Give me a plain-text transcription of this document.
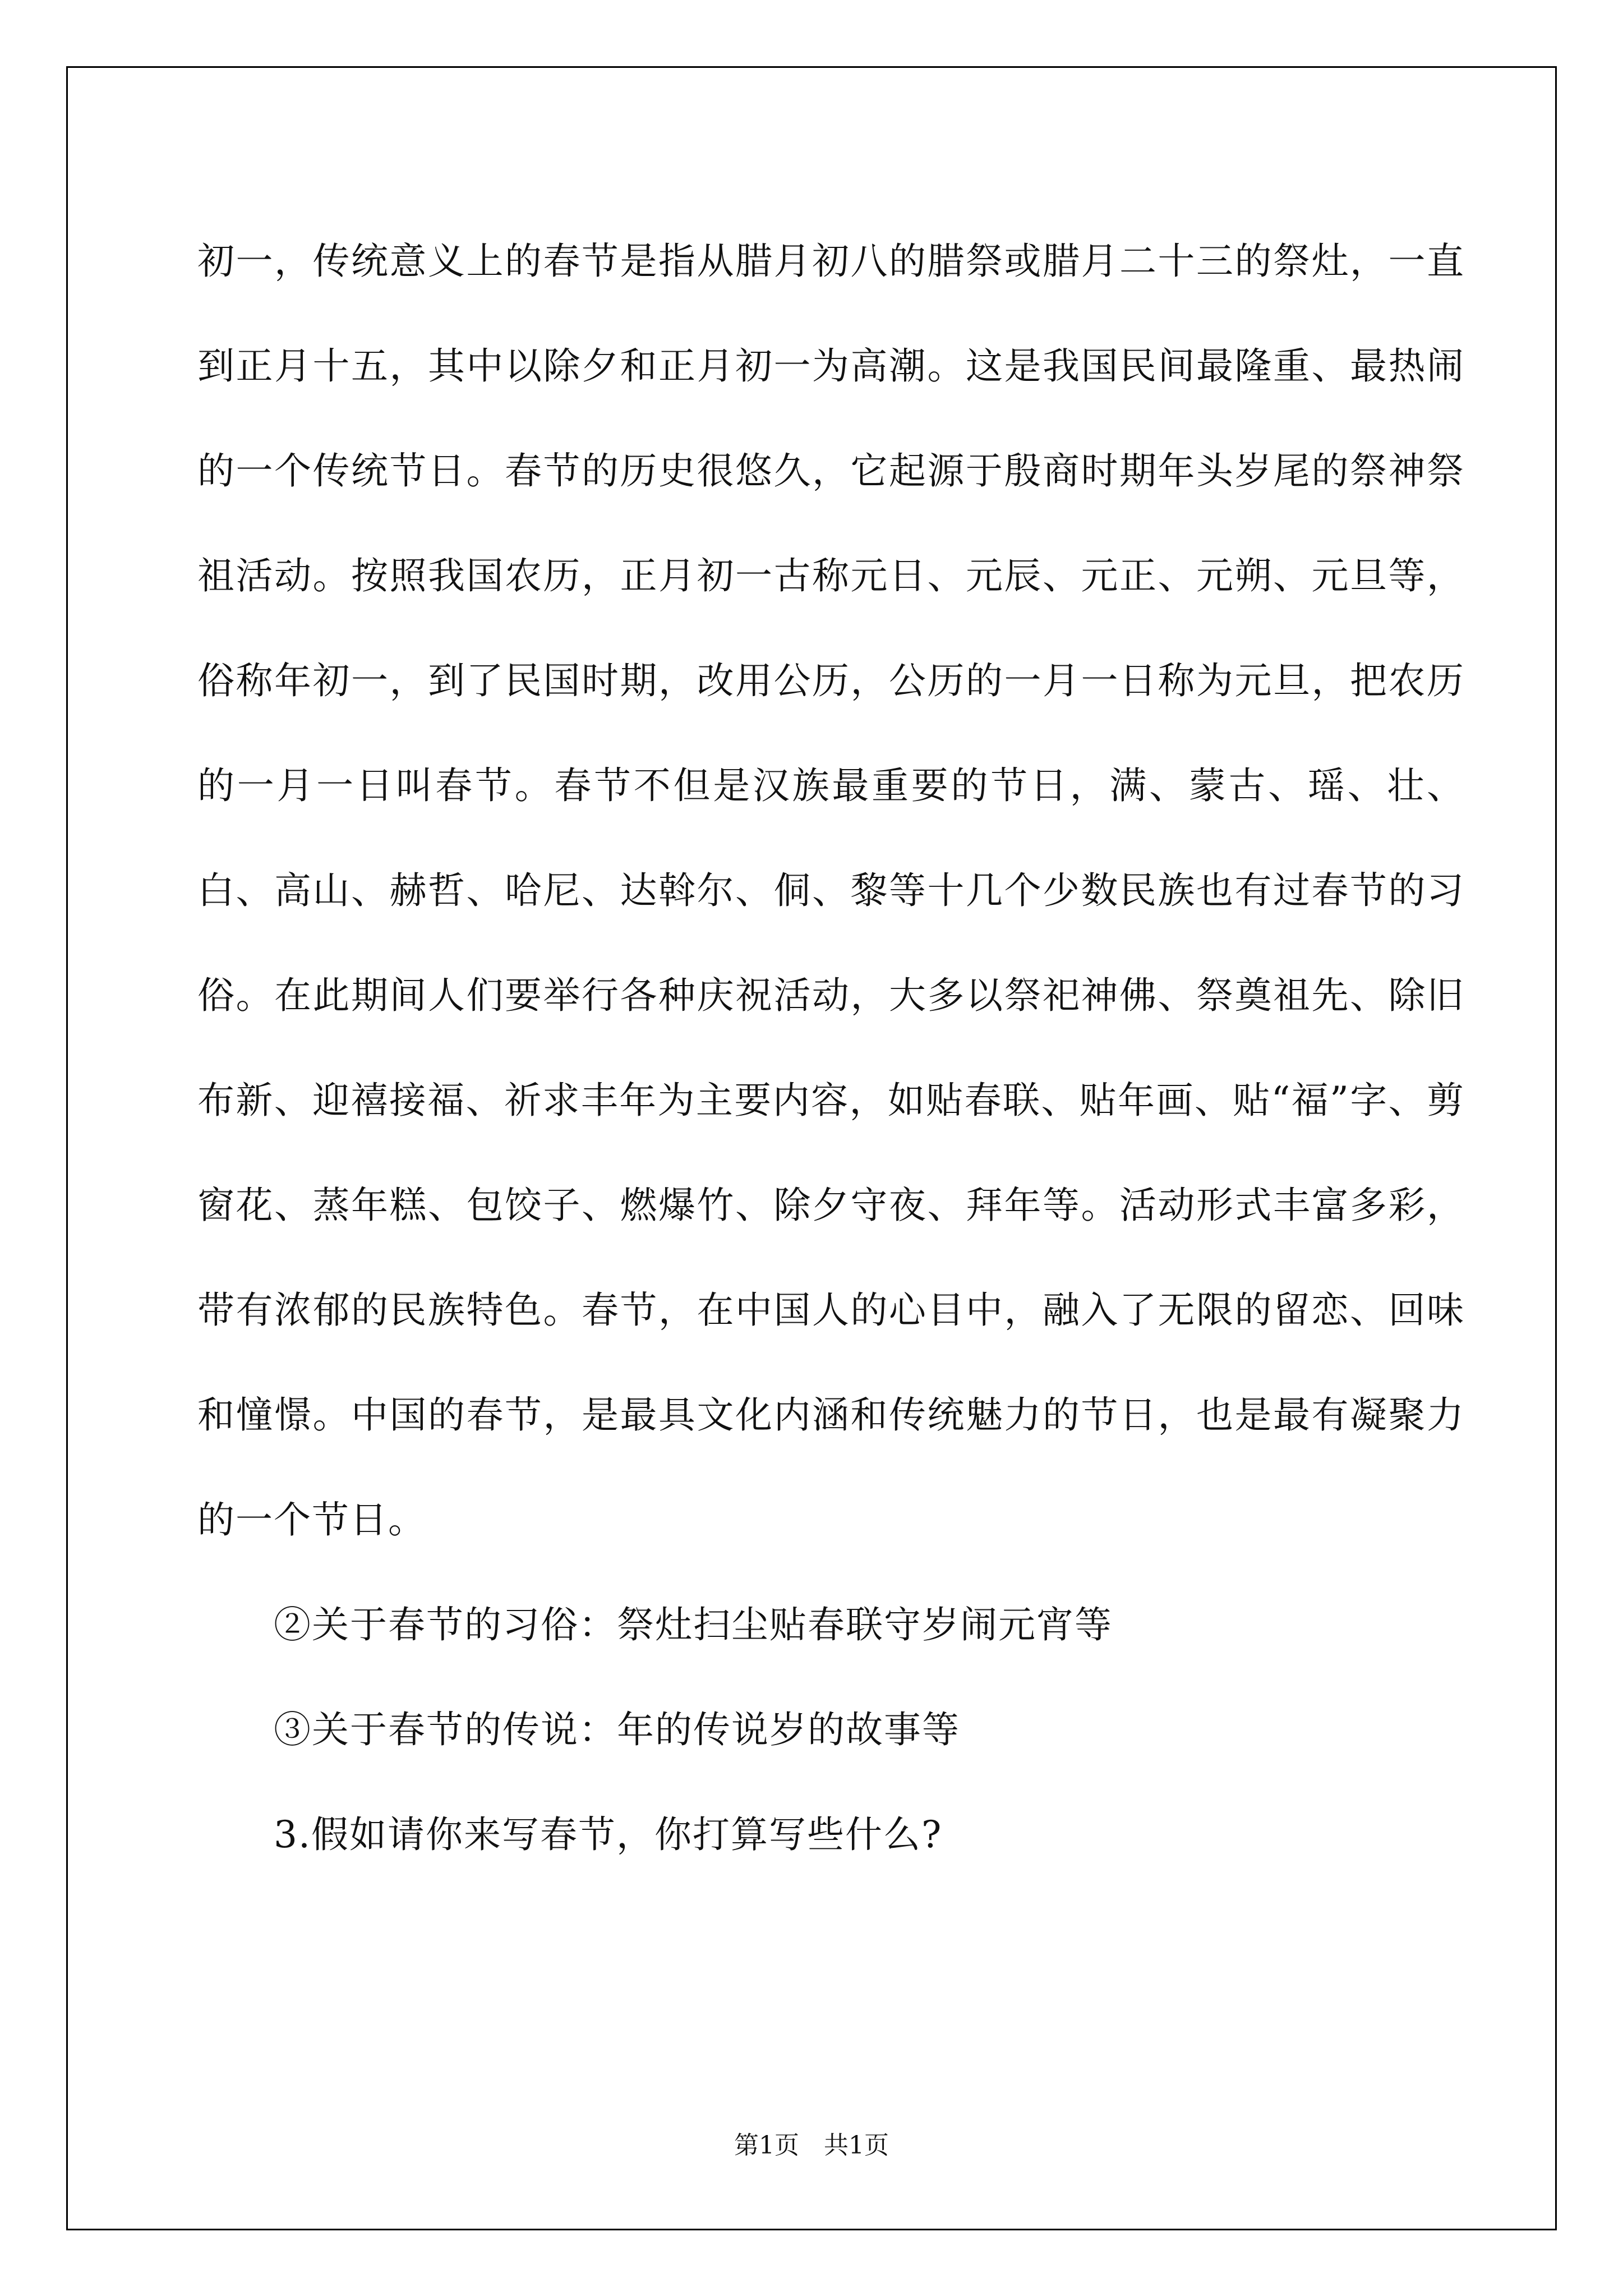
初一，传统意义上的春节是指从腊月初八的腊祭或腊月二十三的祭灶，一直到正月十五，其中以除夕和正月初一为高潮。这是我国民间最隆重、最热闹的一个传统节日。春节的历史很悠久，它起源于殷商时期年头岁尾的祭神祭祖活动。按照我国农历，正月初一古称元日、元辰、元正、元朔、元旦等，俗称年初一，到了民国时期，改用公历，公历的一月一日称为元旦，把农历的一月一日叫春节。春节不但是汉族最重要的节日，满、蒙古、瑶、壮、白、高山、赫哲、哈尼、达斡尔、侗、黎等十几个少数民族也有过春节的习俗。在此期间人们要举行各种庆祝活动，大多以祭祀神佛、祭奠祖先、除旧布新、迎禧接福、祈求丰年为主要内容，如贴春联、贴年画、贴“福”字、剪窗花、蒸年糕、包饺子、燃爆竹、除夕守夜、拜年等。活动形式丰富多彩，带有浓郁的民族特色。春节，在中国人的心目中，融入了无限的留恋、回味和憧憬。中国的春节，是最具文化内涵和传统魅力的节日，也是最有凝聚力的一个节日。

②关于春节的习俗：祭灶扫尘贴春联守岁闹元宵等

③关于春节的传说：年的传说岁的故事等

3.假如请你来写春节，你打算写些什么?

第1页　共1页
